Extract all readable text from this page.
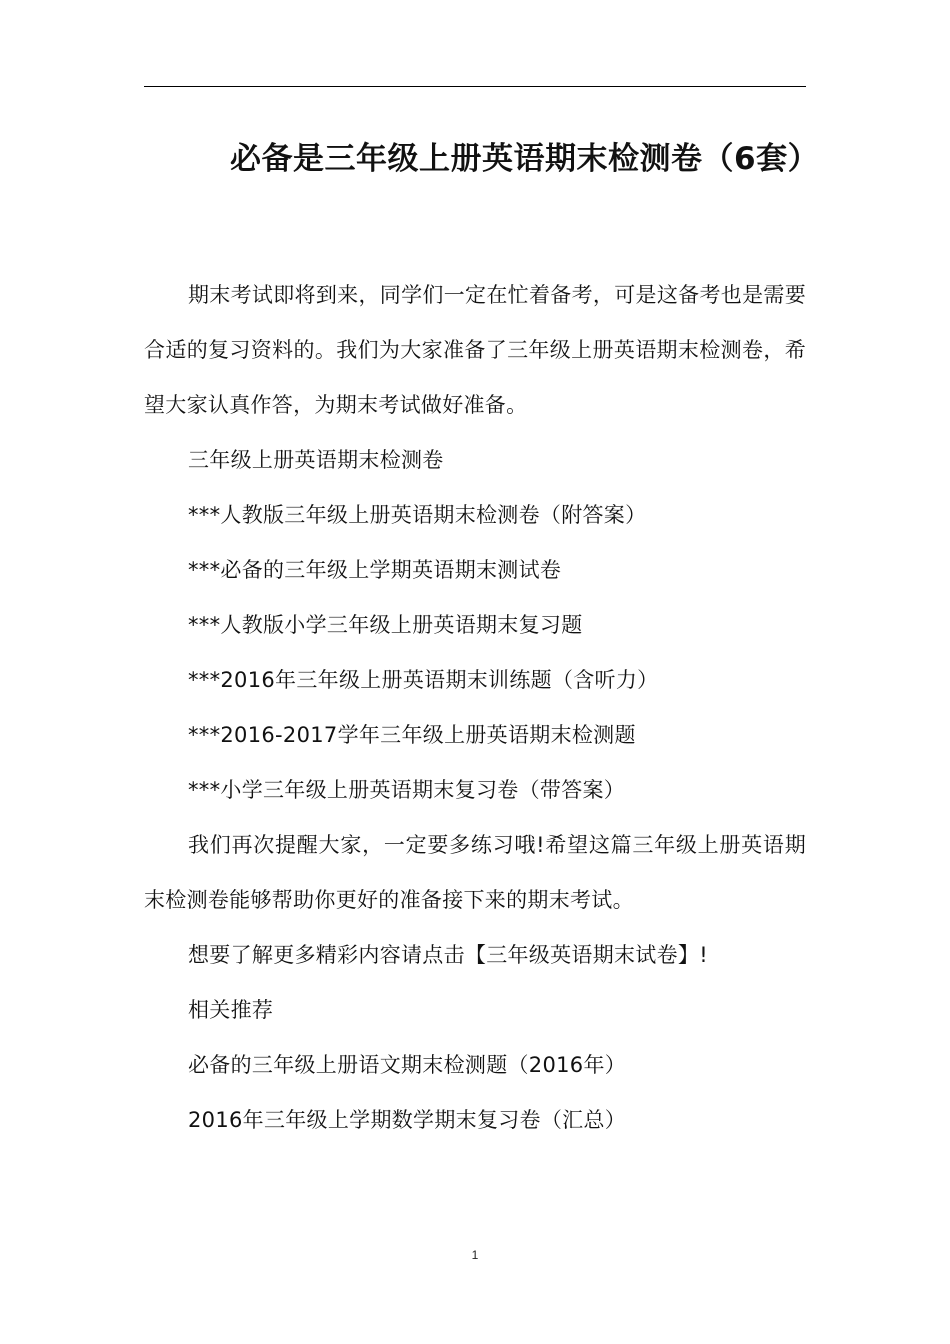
必备是三年级上册英语期末检测卷（6套）

期末考试即将到来，同学们一定在忙着备考，可是这备考也是需要合适的复习资料的。我们为大家准备了三年级上册英语期末检测卷，希望大家认真作答，为期末考试做好准备。

三年级上册英语期末检测卷

***人教版三年级上册英语期末检测卷（附答案）

***必备的三年级上学期英语期末测试卷

***人教版小学三年级上册英语期末复习题

***2016年三年级上册英语期末训练题（含听力）

***2016-2017学年三年级上册英语期末检测题

***小学三年级上册英语期末复习卷（带答案）

我们再次提醒大家，一定要多练习哦!希望这篇三年级上册英语期末检测卷能够帮助你更好的准备接下来的期末考试。

想要了解更多精彩内容请点击【三年级英语期末试卷】!

相关推荐

必备的三年级上册语文期末检测题（2016年）

2016年三年级上学期数学期末复习卷（汇总）

1
